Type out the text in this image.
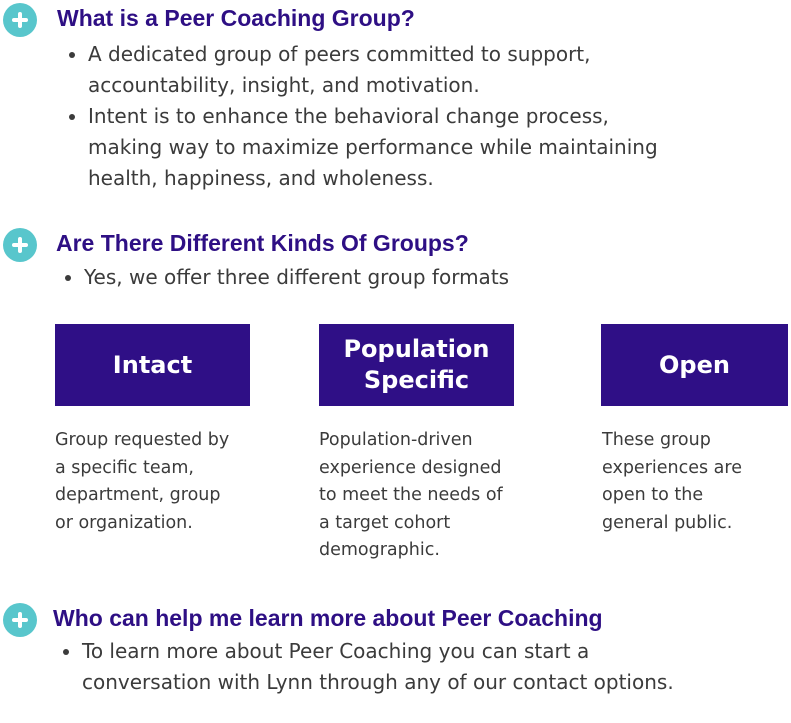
What is a Peer Coaching Group?
A dedicated group of peers committed to support,
accountability, insight, and motivation.
Intent is to enhance the behavioral change process,
making way to maximize performance while maintaining
health, happiness, and wholeness.
Are There Different Kinds Of Groups?
Yes, we offer three different group formats
Intact
Population
Specific
Open
Group requested by
a specific team,
department, group
or organization.
Population-driven
experience designed
to meet the needs of
a target cohort
demographic.
These group
experiences are
open to the
general public.
Who can help me learn more about Peer Coaching
To learn more about Peer Coaching you can start a
conversation with Lynn through any of our contact options.
